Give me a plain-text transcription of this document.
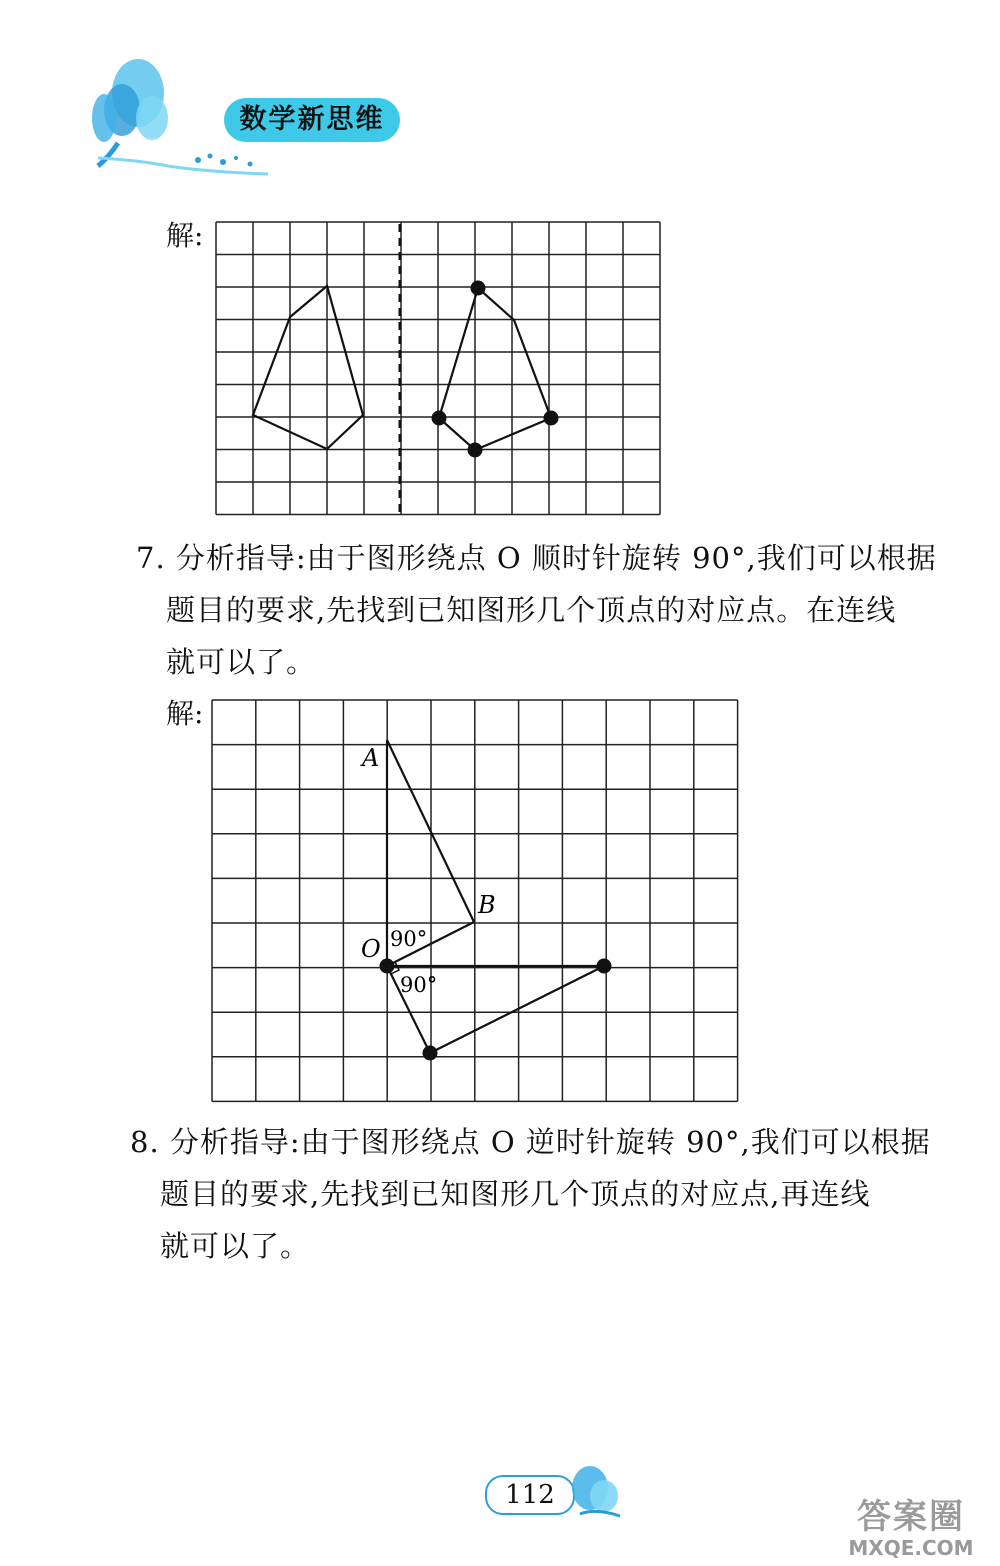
数学新思维
解:
7. 分析指导:由于图形绕点 O 顺时针旋转 90°,我们可以根据
题目的要求,先找到已知图形几个顶点的对应点。在连线
就可以了。
解:
A
B
O 90°
90°
8. 分析指导:由于图形绕点 O 逆时针旋转 90°,我们可以根据
题目的要求,先找到已知图形几个顶点的对应点,再连线
就可以了。
112
答案圈
MXQE.COM
